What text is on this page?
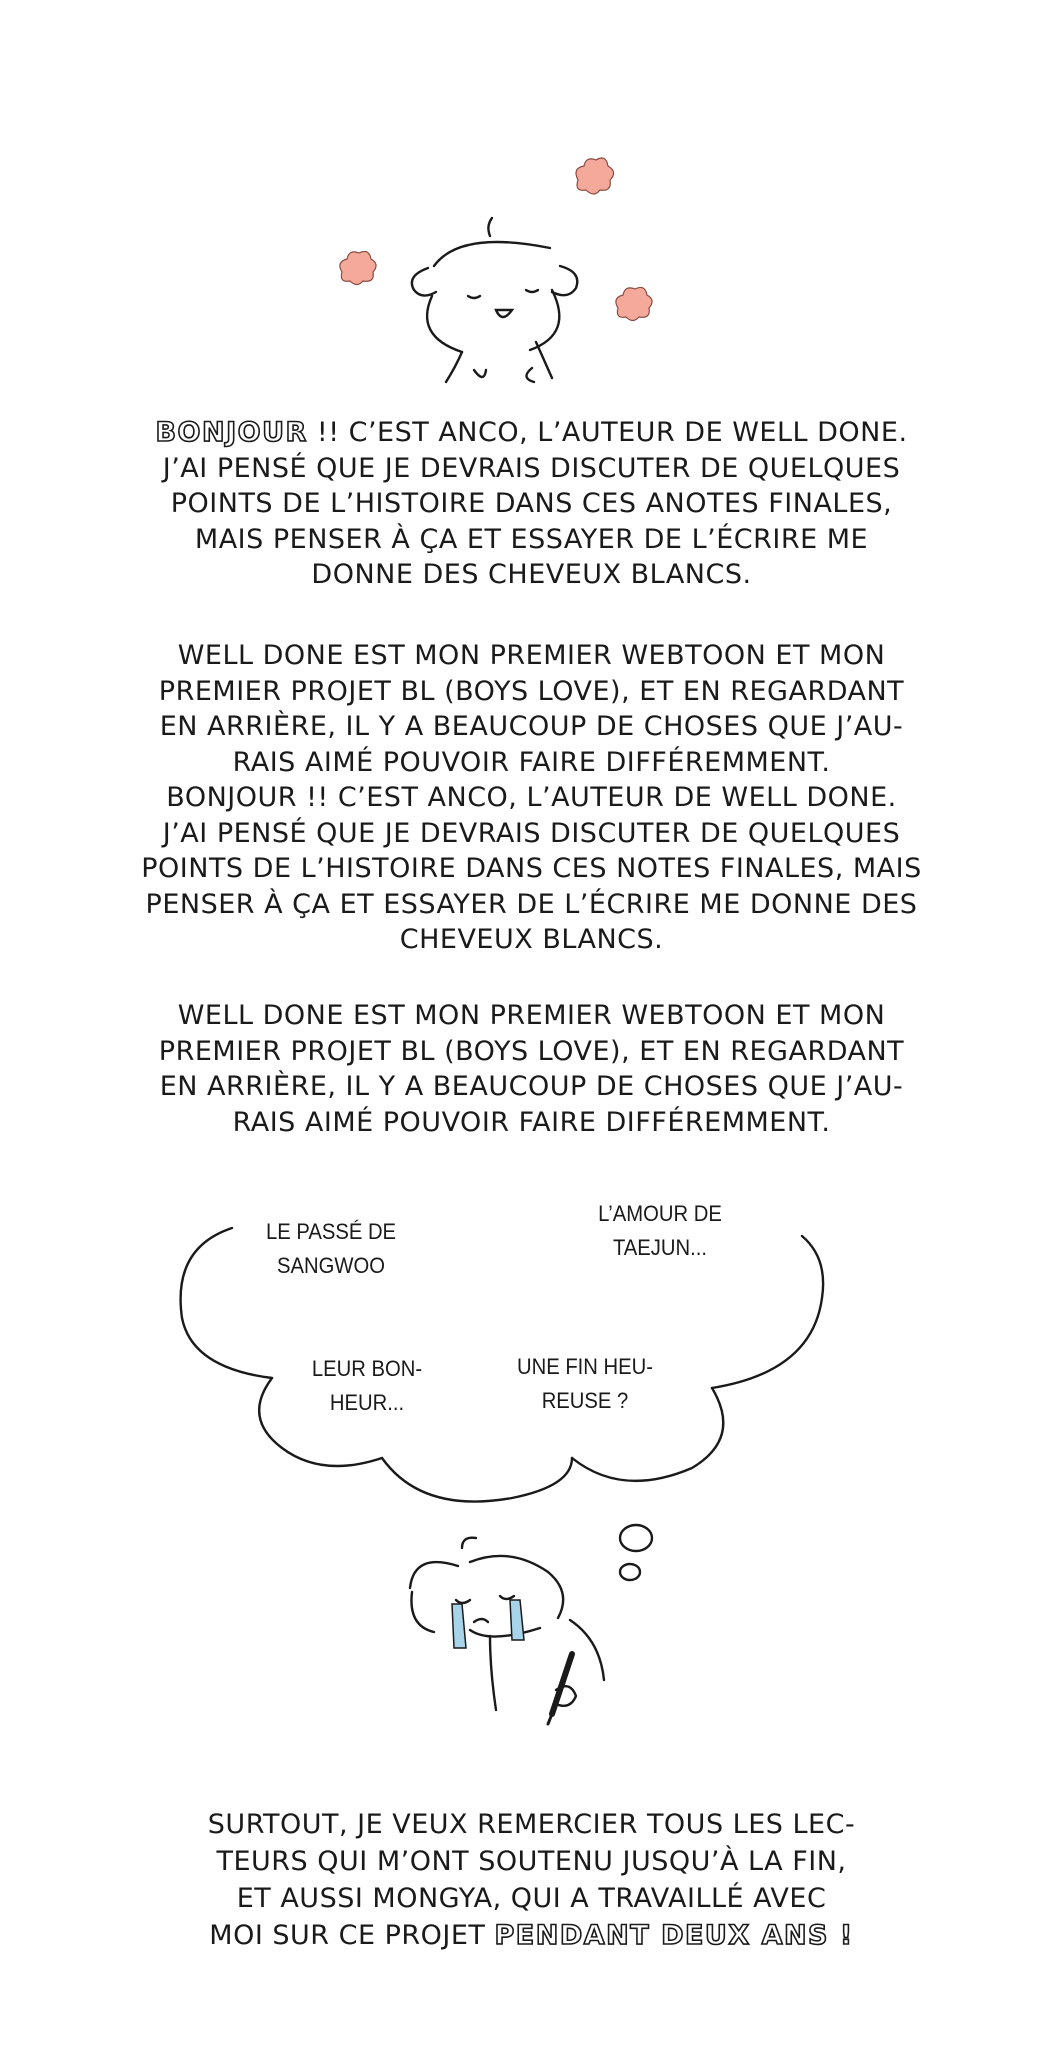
BONJOUR !! C’EST ANCO, L’AUTEUR DE WELL DONE.
J’AI PENSÉ QUE JE DEVRAIS DISCUTER DE QUELQUES
POINTS DE L’HISTOIRE DANS CES ANOTES FINALES,
MAIS PENSER À ÇA ET ESSAYER DE L’ÉCRIRE ME
DONNE DES CHEVEUX BLANCS.

WELL DONE EST MON PREMIER WEBTOON ET MON
PREMIER PROJET BL (BOYS LOVE), ET EN REGARDANT
EN ARRIÈRE, IL Y A BEAUCOUP DE CHOSES QUE J’AU-
RAIS AIMÉ POUVOIR FAIRE DIFFÉREMMENT.
BONJOUR !! C’EST ANCO, L’AUTEUR DE WELL DONE.
J’AI PENSÉ QUE JE DEVRAIS DISCUTER DE QUELQUES
POINTS DE L’HISTOIRE DANS CES NOTES FINALES, MAIS
PENSER À ÇA ET ESSAYER DE L’ÉCRIRE ME DONNE DES
CHEVEUX BLANCS.

WELL DONE EST MON PREMIER WEBTOON ET MON
PREMIER PROJET BL (BOYS LOVE), ET EN REGARDANT
EN ARRIÈRE, IL Y A BEAUCOUP DE CHOSES QUE J’AU-
RAIS AIMÉ POUVOIR FAIRE DIFFÉREMMENT.

LE PASSÉ DE
SANGWOO
L’AMOUR DE
TAEJUN...
LEUR BON-
HEUR...
UNE FIN HEU-
REUSE ?

SURTOUT, JE VEUX REMERCIER TOUS LES LEC-
TEURS QUI M’ONT SOUTENU JUSQU’À LA FIN,
ET AUSSI MONGYA, QUI A TRAVAILLÉ AVEC
MOI SUR CE PROJET PENDANT DEUX ANS !
